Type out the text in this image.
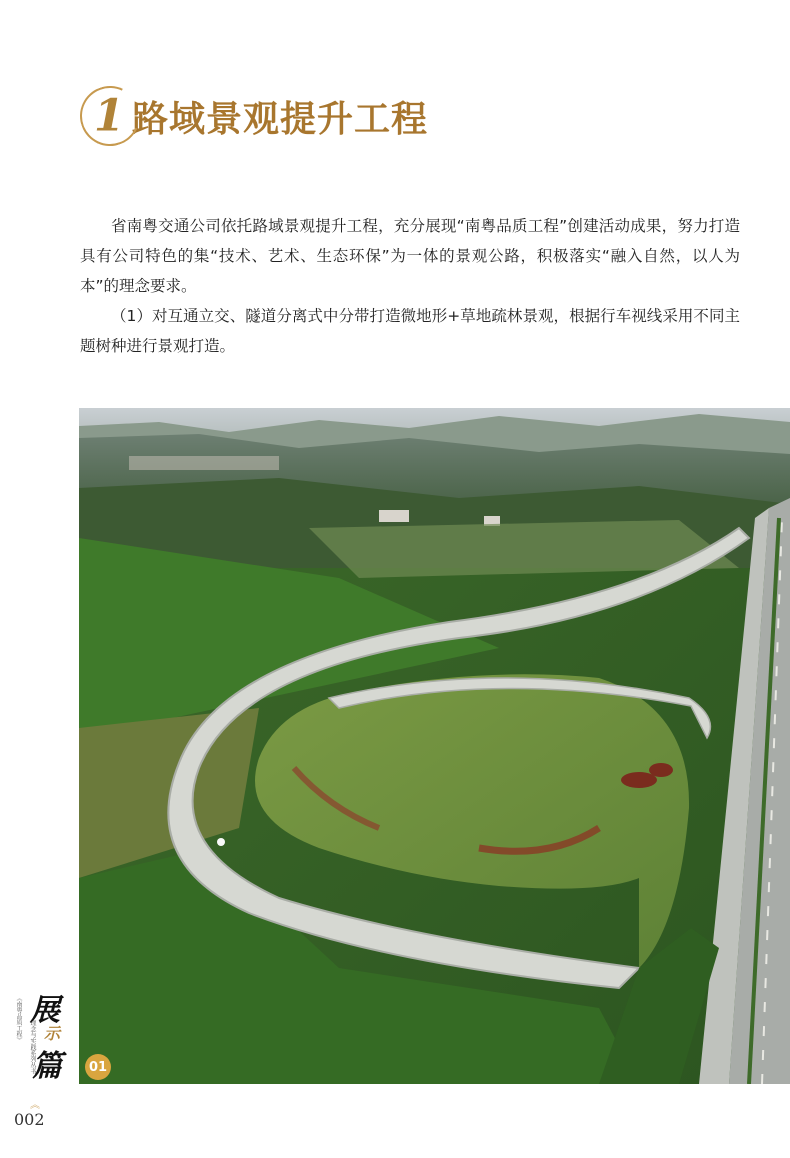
1 路域景观提升工程

省南粤交通公司依托路域景观提升工程，充分展现“南粤品质工程”创建活动成果，努力打造具有公司特色的集“技术、艺术、生态环保”为一体的景观公路，积极落实“融入自然，以人为本”的理念要求。

（1）对互通立交、隧道分离式中分带打造微地形+草地疏林景观，根据行车视线采用不同主题树种进行景观打造。

01
《南粤品质工程》
理念与实践系列丛书
展
示
篇
︽
002
